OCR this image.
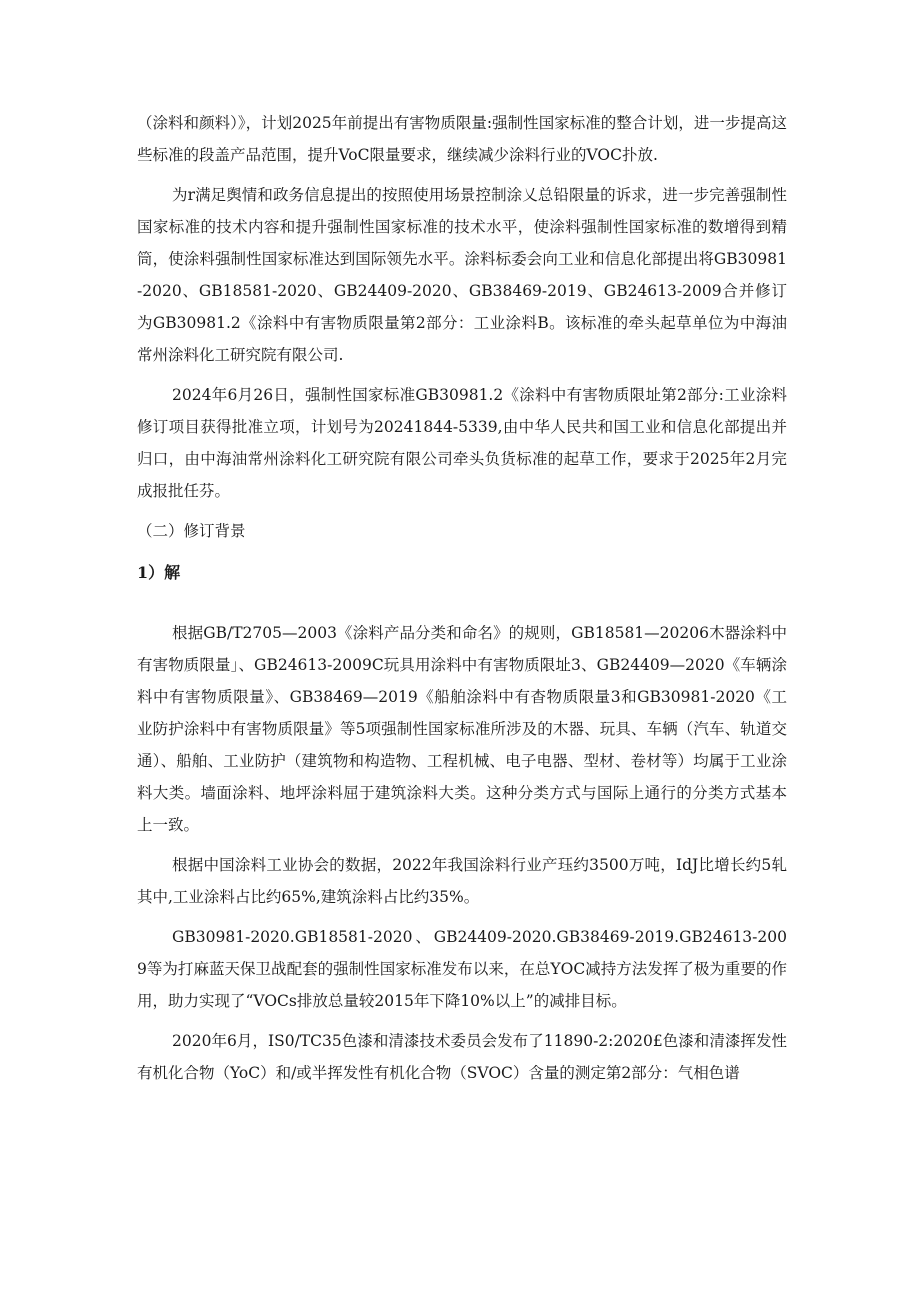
（涂料和颜料）》，计划2025年前提出有害物质限量:强制性国家标准的整合计划，进一步提高这些标准的段盖产品范围，提升VoC限量要求，继续减少涂料行业的VOC扑放.

为r满足舆情和政务信息提出的按照使用场景控制涂乂总铅限量的诉求，进一步完善强制性国家标准的技术内容和提升强制性国家标准的技术水平，使涂料强制性国家标准的数增得到精筒，使涂料强制性国家标准达到国际领先水平。涂料标委会向工业和信息化部提出将GB30981-2020、GB18581-2020、GB24409-2020、GB38469-2019、GB24613-2009合并修订为GB30981.2《涂料中有害物质限量第2部分：工业涂料B。该标准的牵头起草单位为中海油常州涂料化工研究院有限公司.

2024年6月26日，强制性国家标准GB30981.2《涂料中有害物质限址第2部分:工业涂料修订项目获得批准立项，计划号为20241844-5339,由中华人民共和国工业和信息化部提出并归口，由中海油常州涂料化工研究院有限公司牵头负货标准的起草工作，要求于2025年2月完成报批任芬。

（二）修订背景
1）解

根据GB/T2705—2003《涂料产品分类和命名》的规则，GB18581—20206木器涂料中有害物质限量」、GB24613-2009C玩具用涂料中有害物质限址3、GB24409—2020《车辆涂料中有害物质限量》、GB38469—2019《船舶涂料中有杳物质限量3和GB30981-2020《工业防护涂料中有害物质限量》等5项强制性国家标准所涉及的木器、玩具、车辆（汽车、轨道交通）、船舶、工业防护（建筑物和构造物、工程机械、电子电器、型材、卷材等）均属于工业涂料大类。墙面涂料、地坪涂料屈于建筑涂料大类。这种分类方式与国际上通行的分类方式基本上一致。

根据中国涂料工业协会的数据，2022年我国涂料行业产珏约3500万吨，IdJ比增长约5轧其中,工业涂料占比约65%,建筑涂料占比约35%。

GB30981-2020.GB18581-2020、GB24409-2020.GB38469-2019.GB24613-2009等为打麻蓝天保卫战配套的强制性国家标准发布以来，在总YOC减持方法发挥了极为重要的作用，助力实现了“VOCs排放总量较2015年下降10%以上”的减排目标。

2020年6月，IS0/TC35色漆和清漆技术委员会发布了11890-2:2020£色漆和清漆挥发性有机化合物（YoC）和/或半挥发性有机化合物（SVOC）含量的测定第2部分：气相色谱
